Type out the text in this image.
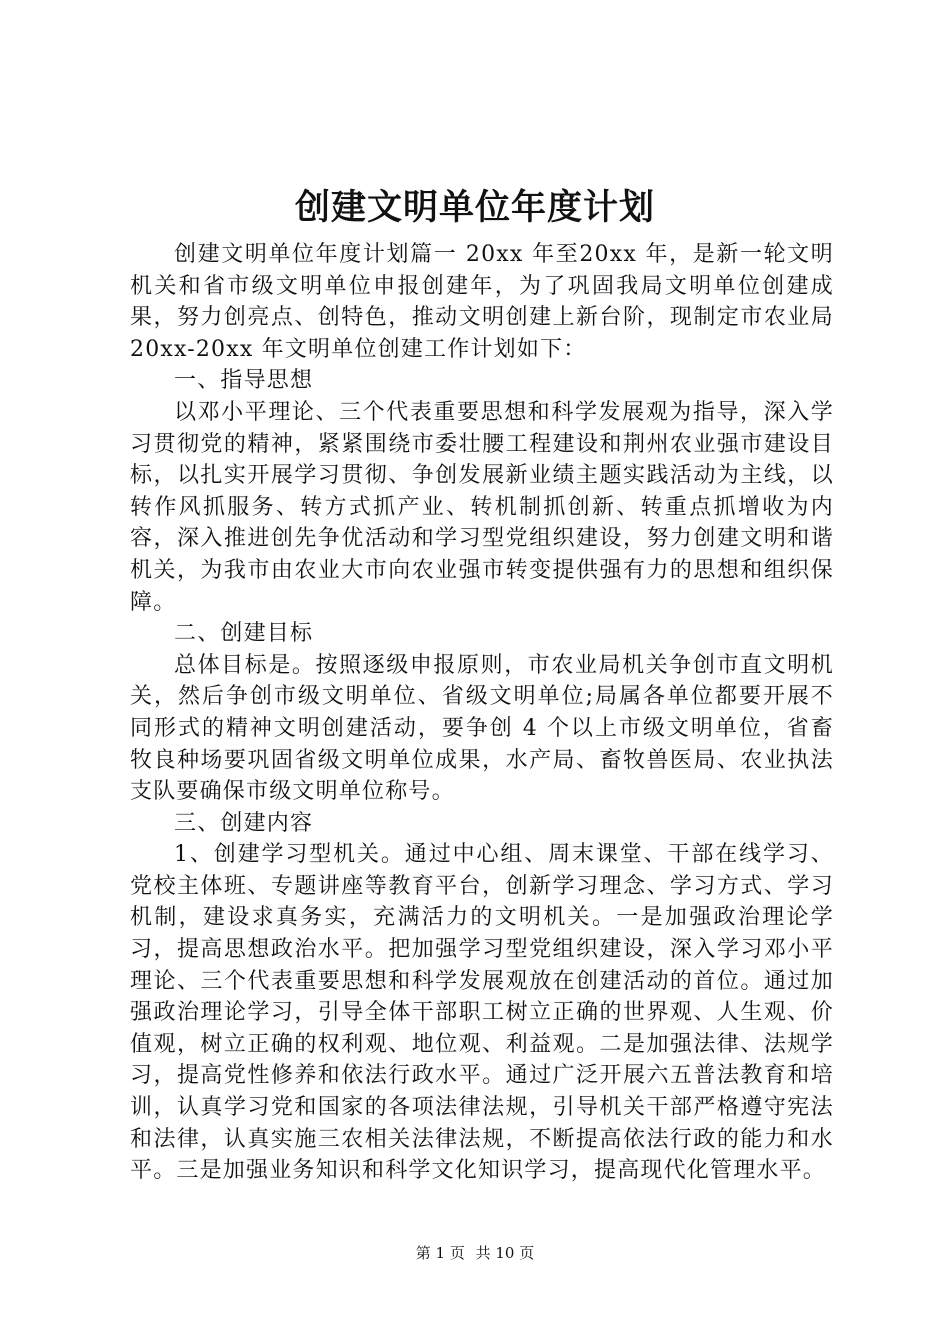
创建文明单位年度计划

创建文明单位年度计划篇一 20xx 年至20xx 年，是新一轮文明机关和省市级文明单位申报创建年，为了巩固我局文明单位创建成果，努力创亮点、创特色，推动文明创建上新台阶，现制定市农业局20xx-20xx 年文明单位创建工作计划如下：

一、指导思想

以邓小平理论、三个代表重要思想和科学发展观为指导，深入学习贯彻党的精神，紧紧围绕市委壮腰工程建设和荆州农业强市建设目标，以扎实开展学习贯彻、争创发展新业绩主题实践活动为主线，以转作风抓服务、转方式抓产业、转机制抓创新、转重点抓增收为内容，深入推进创先争优活动和学习型党组织建设，努力创建文明和谐机关，为我市由农业大市向农业强市转变提供强有力的思想和组织保障。

二、创建目标

总体目标是。按照逐级申报原则，市农业局机关争创市直文明机关，然后争创市级文明单位、省级文明单位;局属各单位都要开展不同形式的精神文明创建活动，要争创 4 个以上市级文明单位，省畜牧良种场要巩固省级文明单位成果，水产局、畜牧兽医局、农业执法支队要确保市级文明单位称号。

三、创建内容

1、创建学习型机关。通过中心组、周末课堂、干部在线学习、党校主体班、专题讲座等教育平台，创新学习理念、学习方式、学习机制，建设求真务实，充满活力的文明机关。一是加强政治理论学习，提高思想政治水平。把加强学习型党组织建设，深入学习邓小平理论、三个代表重要思想和科学发展观放在创建活动的首位。通过加强政治理论学习，引导全体干部职工树立正确的世界观、人生观、价值观，树立正确的权利观、地位观、利益观。二是加强法律、法规学习，提高党性修养和依法行政水平。通过广泛开展六五普法教育和培训，认真学习党和国家的各项法律法规，引导机关干部严格遵守宪法和法律，认真实施三农相关法律法规，不断提高依法行政的能力和水平。三是加强业务知识和科学文化知识学习，提高现代化管理水平。

第 1 页 共 10 页
